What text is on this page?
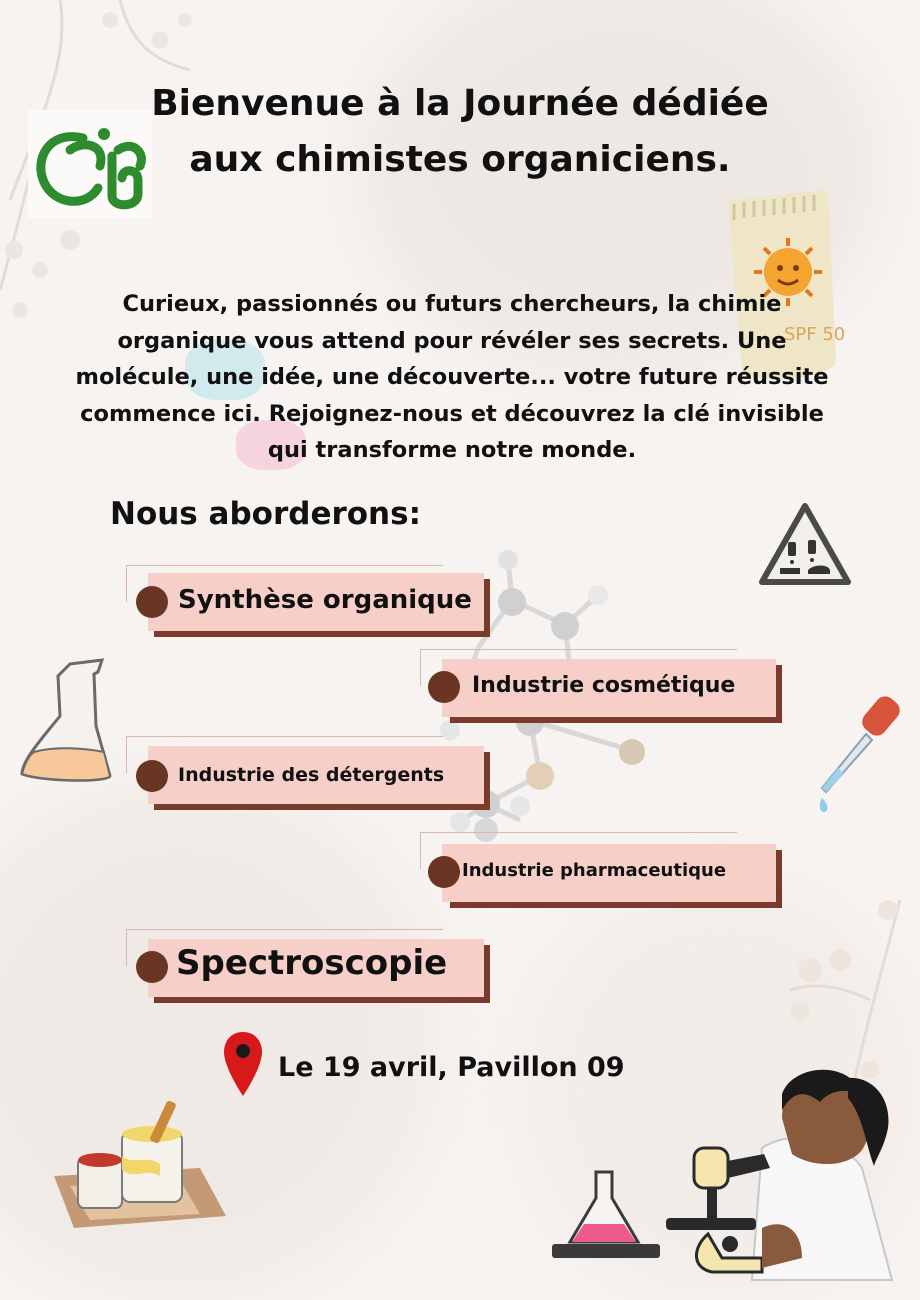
Bienvenue à la Journée dédiée
aux chimistes organiciens.
SPF 50
Curieux, passionnés ou futurs chercheurs, la chimie
organique vous attend pour révéler ses secrets. Une
molécule, une idée, une découverte... votre future réussite
commence ici. Rejoignez-nous et découvrez la clé invisible
qui transforme notre monde.
Nous aborderons:
Synthèse organique
Industrie cosmétique
Industrie des détergents
Industrie pharmaceutique
Spectroscopie
Le 19 avril, Pavillon 09
